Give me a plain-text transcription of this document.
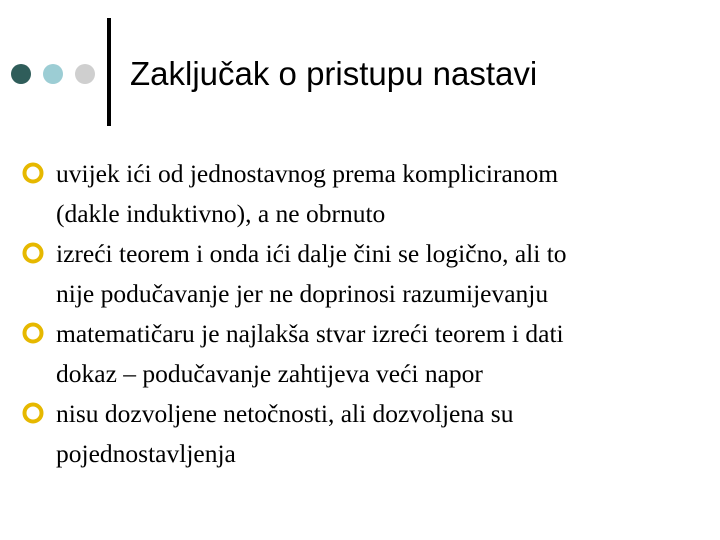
Zaključak o pristupu nastavi
uvijek ići od jednostavnog prema kompliciranom
(dakle induktivno), a ne obrnuto
izreći teorem i onda ići dalje čini se logično, ali to
nije podučavanje jer ne doprinosi razumijevanju
matematičaru je najlakša stvar izreći teorem i dati
dokaz – podučavanje zahtijeva veći napor
nisu dozvoljene netočnosti, ali dozvoljena su
pojednostavljenja
